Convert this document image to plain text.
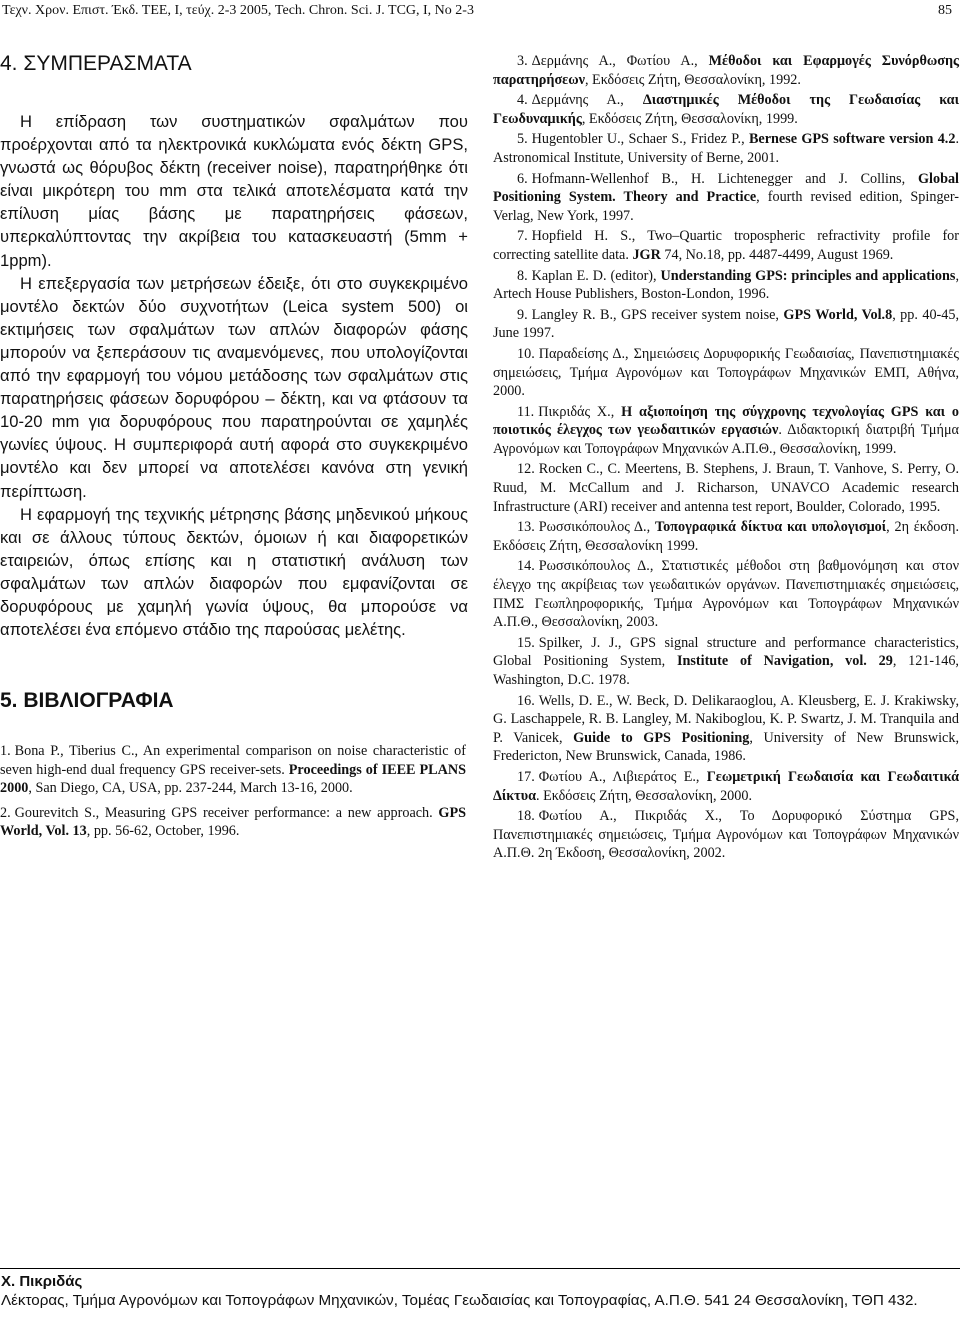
Τεχν. Χρον. Επιστ. Έκδ. ΤΕΕ, Ι, τεύχ. 2-3 2005, Tech. Chron. Sci. J. TCG, I, No 2-3	85
4. ΣΥΜΠΕΡΑΣΜΑΤΑ

Η επίδραση των συστηματικών σφαλμάτων που προέρχονται από τα ηλεκτρονικά κυκλώματα ενός δέκτη GPS, γνωστά ως θόρυβος δέκτη (receiver noise), παρατηρήθηκε ότι είναι μικρότερη του mm στα τελικά αποτελέσματα κατά την επίλυση μίας βάσης με παρατηρήσεις φάσεων, υπερκαλύπτοντας την ακρίβεια του κατασκευαστή (5mm + 1ppm).

Η επεξεργασία των μετρήσεων έδειξε, ότι στο συγκεκριμένο μοντέλο δεκτών δύο συχνοτήτων (Leica system 500) οι εκτιμήσεις των σφαλμάτων των απλών διαφορών φάσης μπορούν να ξεπεράσουν τις αναμενόμενες, που υπολογίζονται από την εφαρμογή του νόμου μετάδοσης των σφαλμάτων στις παρατηρήσεις φάσεων δορυφόρου – δέκτη, και να φτάσουν τα 10-20 mm για δορυφόρους που παρατηρούνται σε χαμηλές γωνίες ύψους. Η συμπεριφορά αυτή αφορά στο συγκεκριμένο μοντέλο και δεν μπορεί να αποτελέσει κανόνα στη γενική περίπτωση.

Η εφαρμογή της τεχνικής μέτρησης βάσης μηδενικού μήκους και σε άλλους τύπους δεκτών, όμοιων ή και διαφορετικών εταιρειών, όπως επίσης και η στατιστική ανάλυση των σφαλμάτων των απλών διαφορών που εμφανίζονται σε δορυφόρους με χαμηλή γωνία ύψους, θα μπορούσε να αποτελέσει ένα επόμενο στάδιο της παρούσας μελέτης.

5. ΒΙΒΛΙΟΓΡΑΦΙΑ

1. Bona P., Tiberius C., An experimental comparison on noise characteristic of seven high-end dual frequency GPS receiver-sets. Proceedings of IEEE PLANS 2000, San Diego, CA, USA, pp. 237-244, March 13-16, 2000.

2. Gourevitch S., Measuring GPS receiver performance: a new approach. GPS World, Vol. 13, pp. 56-62, October, 1996.

3. Δερμάνης Α., Φωτίου Α., Μέθοδοι και Εφαρμογές Συνόρθωσης παρατηρήσεων, Εκδόσεις Ζήτη, Θεσσαλονίκη, 1992.

4. Δερμάνης Α., Διαστημικές Μέθοδοι της Γεωδαισίας και Γεωδυναμικής, Εκδόσεις Ζήτη, Θεσσαλονίκη, 1999.

5. Hugentobler U., Schaer S., Fridez P., Bernese GPS software version 4.2. Astronomical Institute, University of Berne, 2001.

6. Hofmann-Wellenhof B., H. Lichtenegger and J. Collins, Global Positioning System. Theory and Practice, fourth revised edition, Spinger-Verlag, New York, 1997.

7. Hopfield H. S., Two–Quartic tropospheric refractivity profile for correcting satellite data. JGR 74, No.18, pp. 4487-4499, August 1969.

8. Kaplan E. D. (editor), Understanding GPS: principles and applications, Artech House Publishers, Boston-London, 1996.

9. Langley R. B., GPS receiver system noise, GPS World, Vol.8, pp. 40-45, June 1997.

10. Παραδείσης Δ., Σημειώσεις Δορυφορικής Γεωδαισίας, Πανεπιστημιακές σημειώσεις, Τμήμα Αγρονόμων και Τοπογράφων Μηχανικών ΕΜΠ, Αθήνα, 2000.

11. Πικριδάς Χ., Η αξιοποίηση της σύγχρονης τεχνολογίας GPS και ο ποιοτικός έλεγχος των γεωδαιτικών εργασιών. Διδακτορική διατριβή Τμήμα Αγρονόμων και Τοπογράφων Μηχανικών Α.Π.Θ., Θεσσαλονίκη, 1999.

12. Rocken C., C. Meertens, B. Stephens, J. Braun, T. Vanhove, S. Perry, O. Ruud, M. McCallum and J. Richarson, UNAVCO Academic research Infrastructure (ARI) receiver and antenna test report, Boulder, Colorado, 1995.

13. Ρωσσικόπουλος Δ., Τοπογραφικά δίκτυα και υπολογισμοί, 2η έκδοση. Εκδόσεις Ζήτη, Θεσσαλονίκη 1999.

14. Ρωσσικόπουλος Δ., Στατιστικές μέθοδοι στη βαθμονόμηση και στον έλεγχο της ακρίβειας των γεωδαιτικών οργάνων. Πανεπιστημιακές σημειώσεις, ΠΜΣ Γεωπληροφορικής, Τμήμα Αγρονόμων και Τοπογράφων Μηχανικών Α.Π.Θ., Θεσσαλονίκη, 2003.

15. Spilker, J. J., GPS signal structure and performance characteristics, Global Positioning System, Institute of Navigation, vol. 29, 121-146, Washington, D.C. 1978.

16. Wells, D. E., W. Beck, D. Delikaraoglou, A. Kleusberg, E. J. Krakiwsky, G. Laschappele, R. B. Langley, M. Nakiboglou, K. P. Swartz, J. M. Tranquila and P. Vanicek, Guide to GPS Positioning, University of New Brunswick, Fredericton, New Brunswick, Canada, 1986.

17. Φωτίου Α., Λιβιεράτος Ε., Γεωμετρική Γεωδαισία και Γεωδαιτικά Δίκτυα. Εκδόσεις Ζήτη, Θεσσαλονίκη, 2000.

18. Φωτίου Α., Πικριδάς Χ., Το Δορυφορικό Σύστημα GPS, Πανεπιστημιακές σημειώσεις, Τμήμα Αγρονόμων και Τοπογράφων Μηχανικών Α.Π.Θ. 2η Έκδοση, Θεσσαλονίκη, 2002.

Χ. Πικριδάς
Λέκτορας, Τμήμα Αγρονόμων και Τοπογράφων Μηχανικών, Τομέας Γεωδαισίας και Τοπογραφίας, Α.Π.Θ. 541 24 Θεσσαλονίκη, ΤΘΠ 432.
